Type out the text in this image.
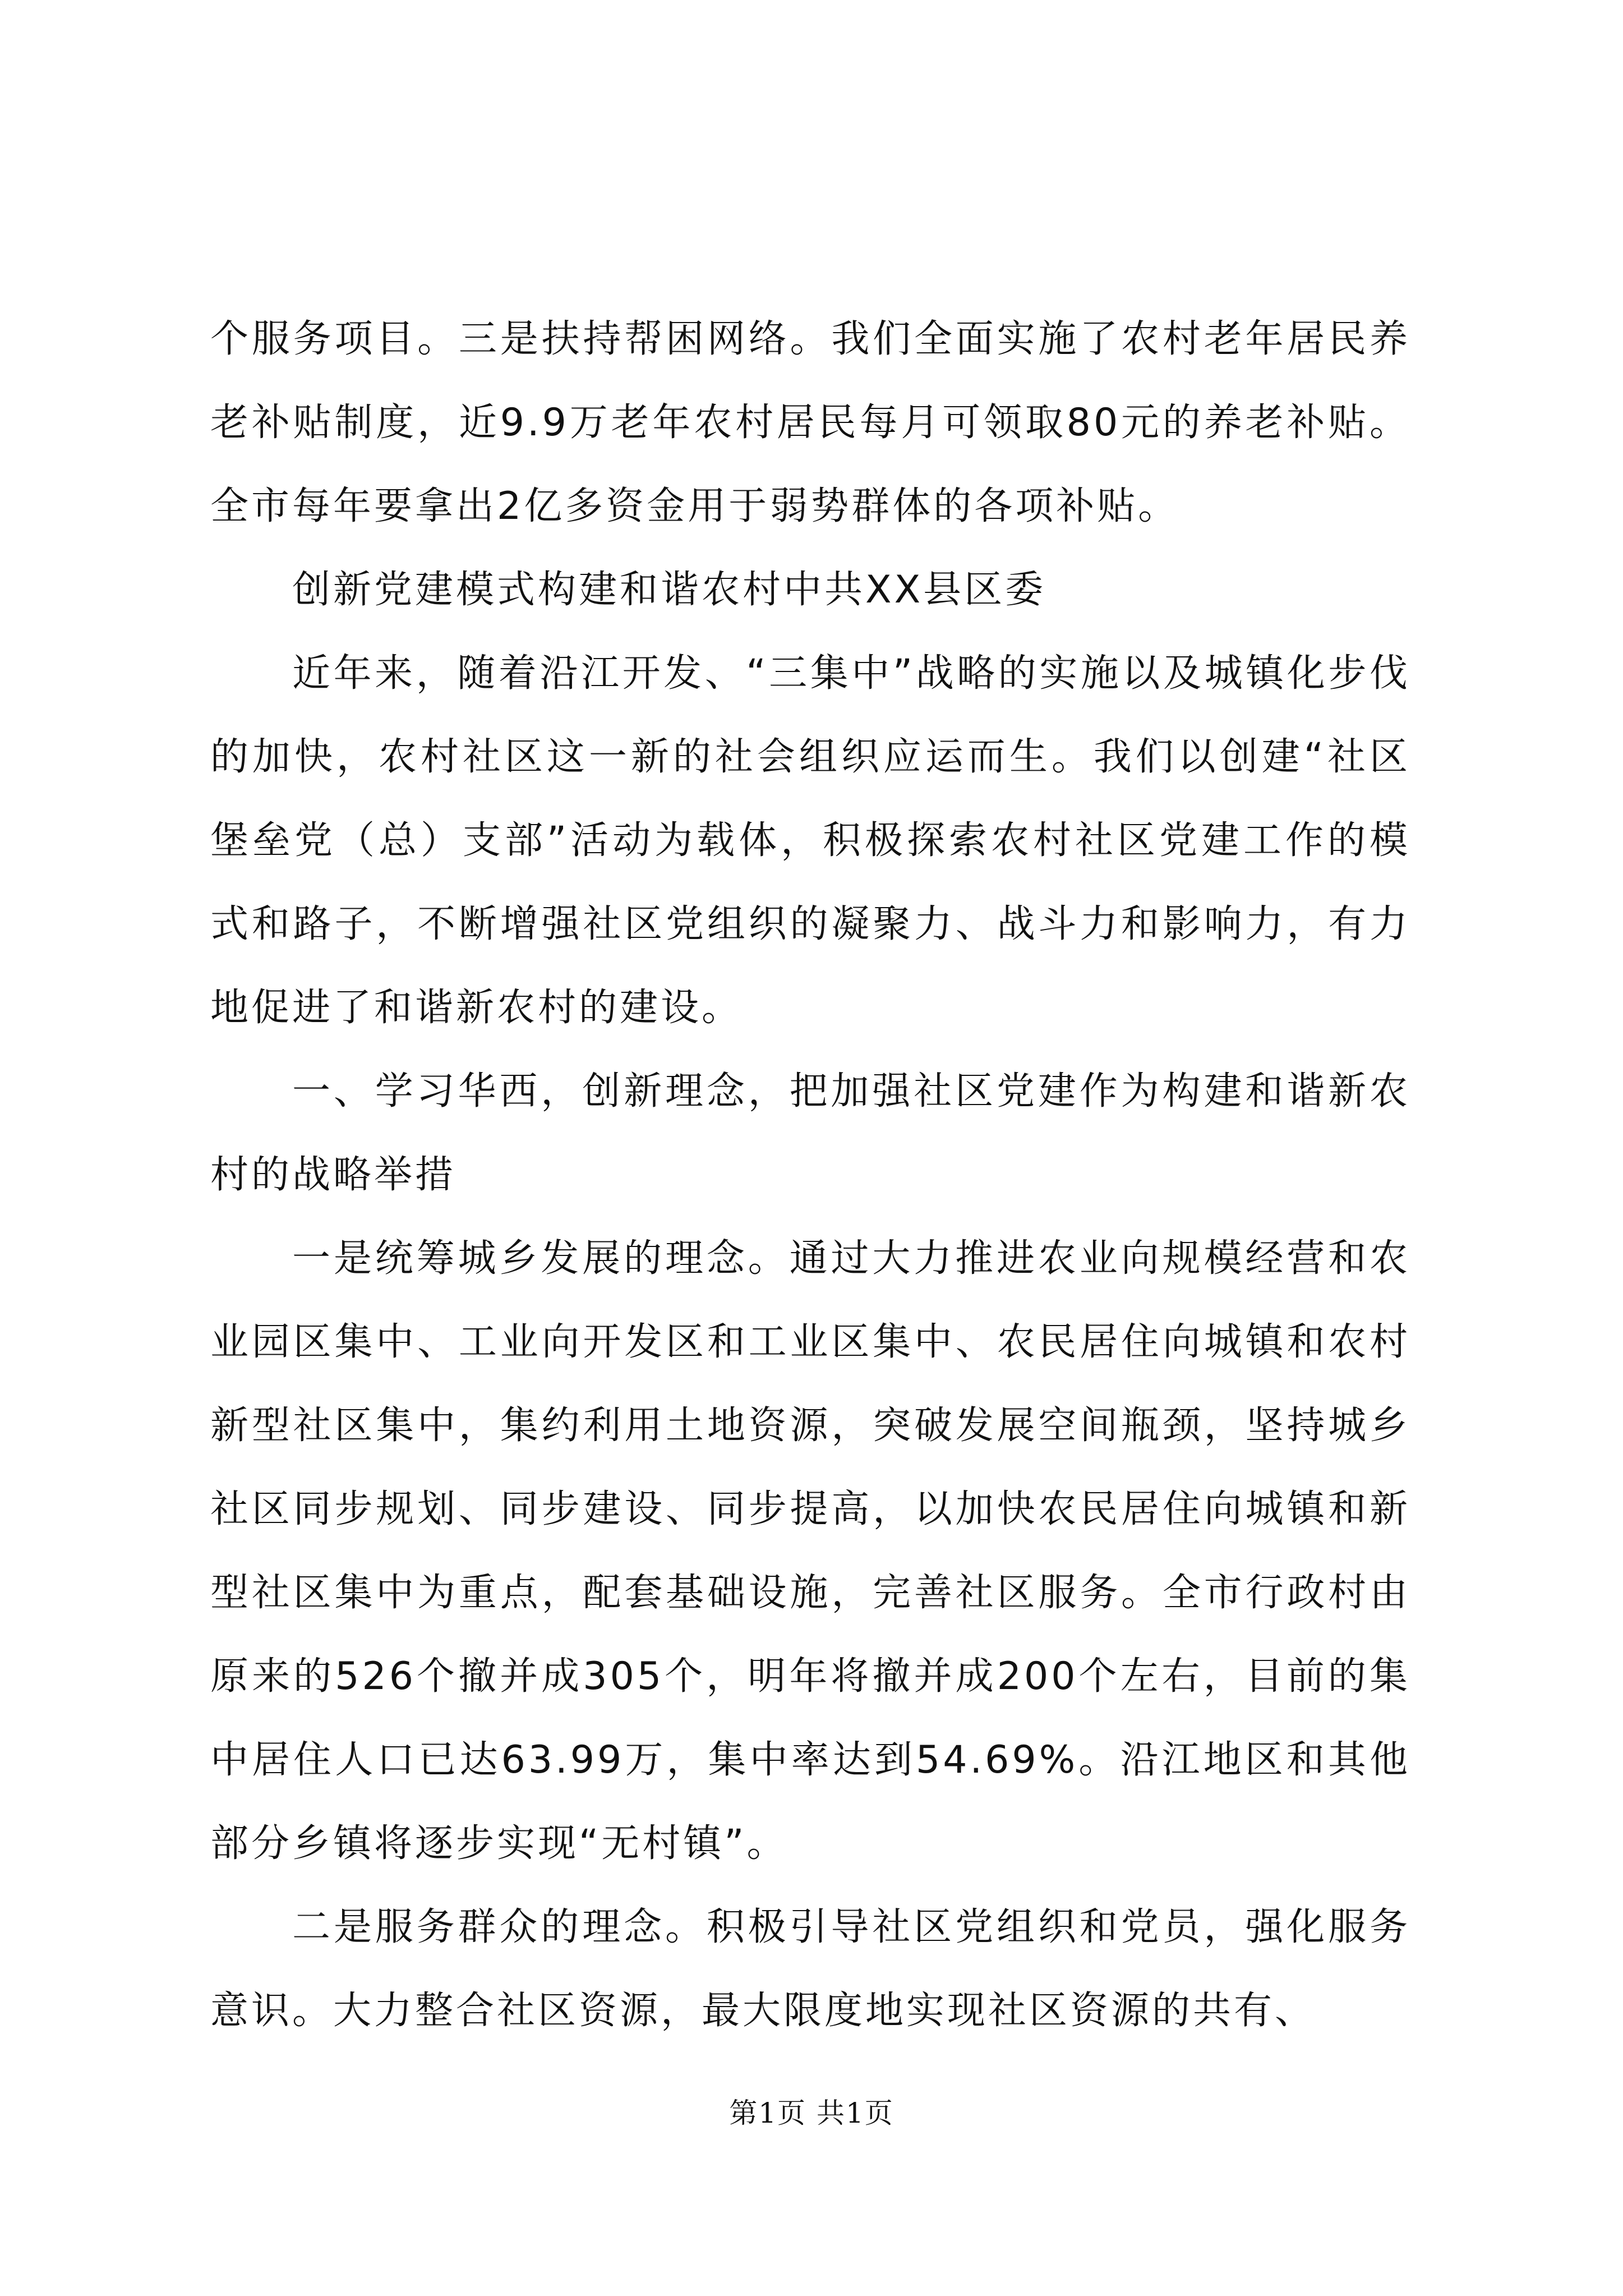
个服务项目。三是扶持帮困网络。我们全面实施了农村老年居民养老补贴制度，近9.9万老年农村居民每月可领取80元的养老补贴。全市每年要拿出2亿多资金用于弱势群体的各项补贴。

创新党建模式构建和谐农村中共XX县区委

近年来，随着沿江开发、“三集中”战略的实施以及城镇化步伐的加快，农村社区这一新的社会组织应运而生。我们以创建“社区堡垒党（总）支部”活动为载体，积极探索农村社区党建工作的模式和路子，不断增强社区党组织的凝聚力、战斗力和影响力，有力地促进了和谐新农村的建设。

一、学习华西，创新理念，把加强社区党建作为构建和谐新农村的战略举措

一是统筹城乡发展的理念。通过大力推进农业向规模经营和农业园区集中、工业向开发区和工业区集中、农民居住向城镇和农村新型社区集中，集约利用土地资源，突破发展空间瓶颈，坚持城乡社区同步规划、同步建设、同步提高，以加快农民居住向城镇和新型社区集中为重点，配套基础设施，完善社区服务。全市行政村由原来的526个撤并成305个，明年将撤并成200个左右，目前的集中居住人口已达63.99万，集中率达到54.69%。沿江地区和其他部分乡镇将逐步实现“无村镇”。

二是服务群众的理念。积极引导社区党组织和党员，强化服务意识。大力整合社区资源，最大限度地实现社区资源的共有、

第1页 共1页
